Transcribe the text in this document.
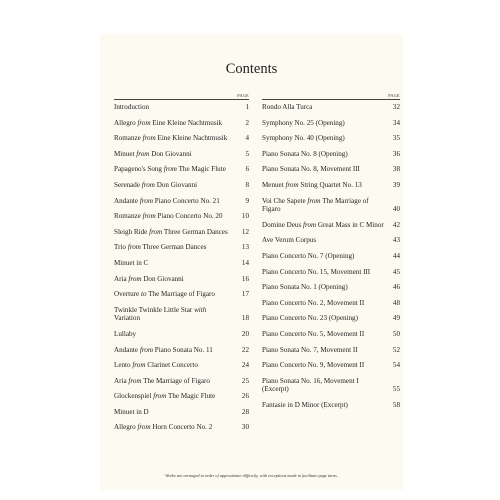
Contents
PAGE
Introduction	1
Allegro from Eine Kleine Nachtmusik	2
Romanze from Eine Kleine Nachtmusik	4
Minuet from Don Giovanni	5
Papageno's Song from The Magic Flute	6
Serenade from Don Giovanni	8
Andante from Piano Concerto No. 21	9
Romanze from Piano Concerto No. 20	10
Sleigh Ride from Three German Dances	12
Trio from Three German Dances	13
Minuet in C	14
Aria from Don Giovanni	16
Overture to The Marriage of Figaro	17
Twinkle Twinkle Little Star with Variation	18
Lullaby	20
Andante from Piano Sonata No. 11	22
Lento from Clarinet Concerto	24
Aria from The Marriage of Figaro	25
Glockenspiel from The Magic Flute	26
Minuet in D	28
Allegro from Horn Concerto No. 2	30
PAGE
Rondo Alla Turca	32
Symphony No. 25 (Opening)	34
Symphony No. 40 (Opening)	35
Piano Sonata No. 8 (Opening)	36
Piano Sonata No. 8, Movement III	38
Menuet from String Quartet No. 13	39
Voi Che Sapete from The Marriage of Figaro	40
Domine Deus from Great Mass in C Minor	42
Ave Verum Corpus	43
Piano Concerto No. 7 (Opening)	44
Piano Concerto No. 15, Movement III	45
Piano Sonata No. 1 (Opening)	46
Piano Concerto No. 2, Movement II	48
Piano Concerto No. 23 (Opening)	49
Piano Concerto No. 5, Movement II	50
Piano Sonata No. 7, Movement II	52
Piano Concerto No. 9, Movement II	54
Piano Sonata No. 16, Movement I (Excerpt)	55
Fantasie in D Minor (Excerpt)	58
Works are arranged in order of approximate difficulty, with exceptions made to facilitate page turns.
